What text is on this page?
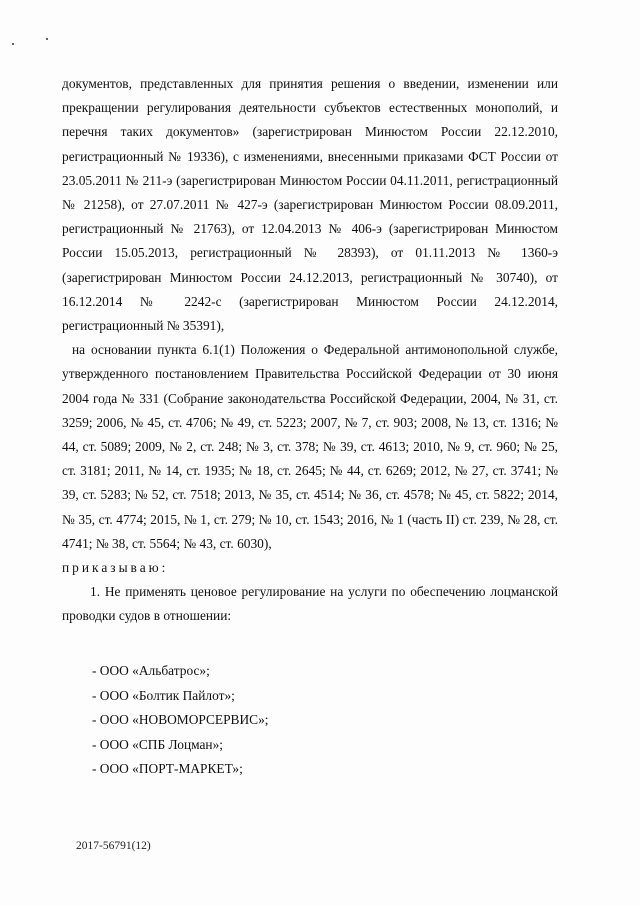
документов, представленных для принятия решения о введении, изменении или прекращении регулирования деятельности субъектов естественных монополий, и перечня таких документов» (зарегистрирован Минюстом России 22.12.2010, регистрационный № 19336), с изменениями, внесенными приказами ФСТ России от 23.05.2011 № 211-э (зарегистрирован Минюстом России 04.11.2011, регистрационный № 21258), от 27.07.2011 № 427-э (зарегистрирован Минюстом России 08.09.2011, регистрационный № 21763), от 12.04.2013 № 406-э (зарегистрирован Минюстом России 15.05.2013, регистрационный № 28393), от 01.11.2013 № 1360-э (зарегистрирован Минюстом России 24.12.2013, регистрационный № 30740), от 16.12.2014 № 2242-с (зарегистрирован Минюстом России 24.12.2014, регистрационный № 35391),

на основании пункта 6.1(1) Положения о Федеральной антимонопольной службе, утвержденного постановлением Правительства Российской Федерации от 30 июня 2004 года № 331 (Собрание законодательства Российской Федерации, 2004, № 31, ст. 3259; 2006, № 45, ст. 4706; № 49, ст. 5223; 2007, № 7, ст. 903; 2008, № 13, ст. 1316; № 44, ст. 5089; 2009, № 2, ст. 248; № 3, ст. 378; № 39, ст. 4613; 2010, № 9, ст. 960; № 25, ст. 3181; 2011, № 14, ст. 1935; № 18, ст. 2645; № 44, ст. 6269; 2012, № 27, ст. 3741; № 39, ст. 5283; № 52, ст. 7518; 2013, № 35, ст. 4514; № 36, ст. 4578; № 45, ст. 5822; 2014, № 35, ст. 4774; 2015, № 1, ст. 279; № 10, ст. 1543; 2016, № 1 (часть II) ст. 239, № 28, ст. 4741; № 38, ст. 5564; № 43, ст. 6030),

приказываю:

1. Не применять ценовое регулирование на услуги по обеспечению лоцманской проводки судов в отношении:

- ООО «Альбатрос»;
- ООО «Болтик Пайлот»;
- ООО «НОВОМОРСЕРВИС»;
- ООО «СПБ Лоцман»;
- ООО «ПОРТ-МАРКЕТ»;
2017-56791(12)
